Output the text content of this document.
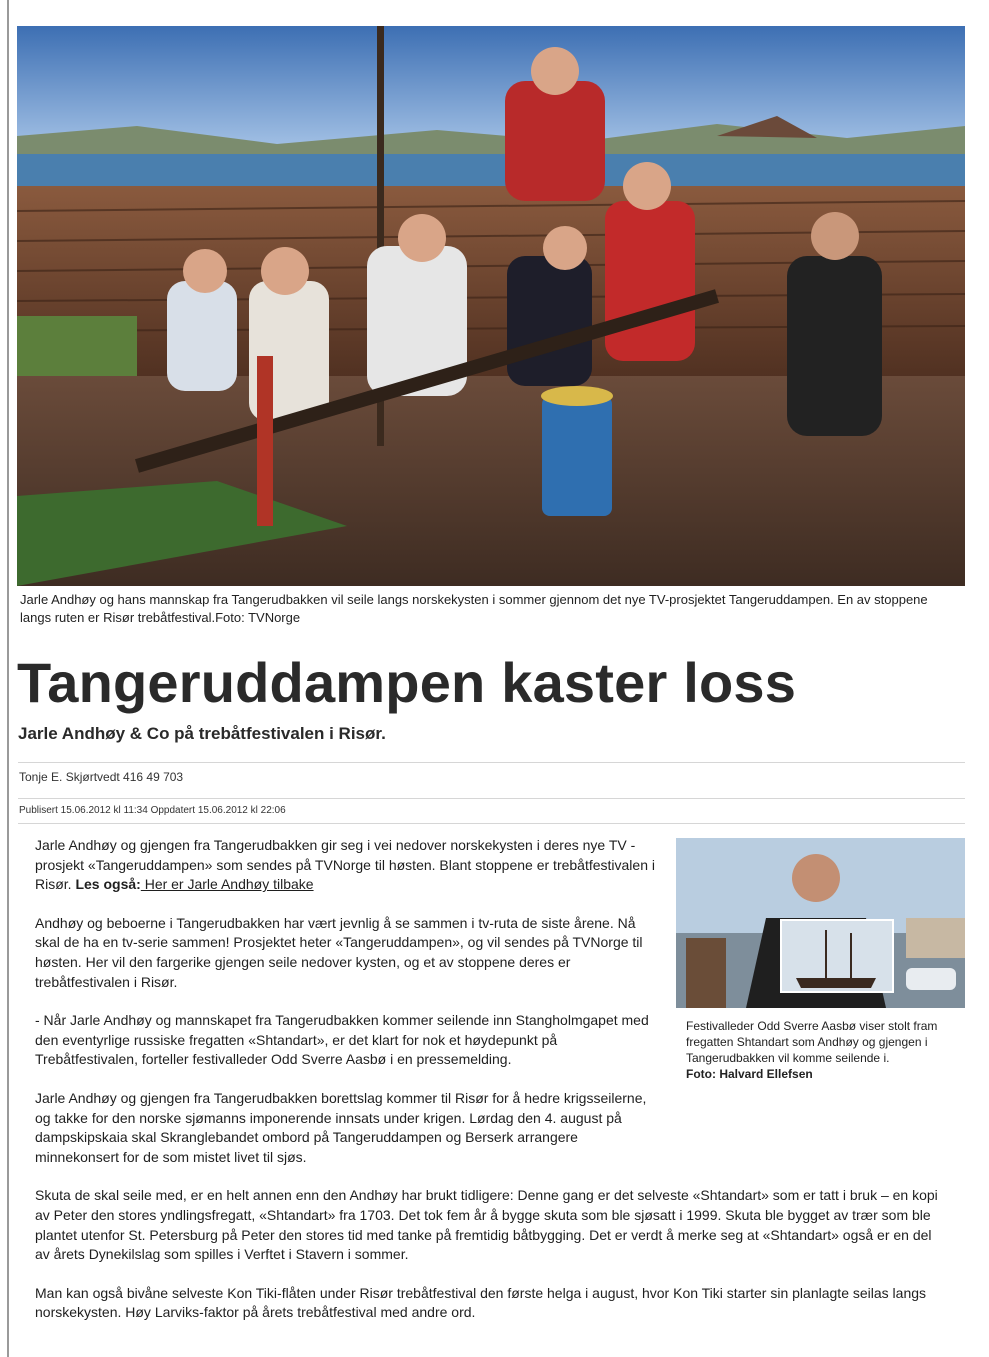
Jarle Andhøy og hans mannskap fra Tangerudbakken vil seile langs norskekysten i sommer gjennom det nye TV-prosjektet Tangeruddampen. En av stoppene langs ruten er Risør trebåtfestival.Foto: TVNorge
Tangeruddampen kaster loss
Jarle Andhøy & Co på trebåtfestivalen i Risør.
Tonje E. Skjørtvedt 416 49 703
Publisert 15.06.2012 kl 11:34 Oppdatert 15.06.2012 kl 22:06

Jarle Andhøy og gjengen fra Tangerudbakken gir seg i vei nedover norskekysten i deres nye TV -prosjekt «Tangeruddampen» som sendes på TVNorge til høsten. Blant stoppene er trebåtfestivalen i Risør. Les også: Her er Jarle Andhøy tilbake

Andhøy og beboerne i Tangerudbakken har vært jevnlig å se sammen i tv-ruta de siste årene. Nå skal de ha en tv-serie sammen! Prosjektet heter «Tangeruddampen», og vil sendes på TVNorge til høsten. Her vil den fargerike gjengen seile nedover kysten, og et av stoppene deres er trebåtfestivalen i Risør.

- Når Jarle Andhøy og mannskapet fra Tangerudbakken kommer seilende inn Stangholmgapet med den eventyrlige russiske fregatten «Shtandart», er det klart for nok et høydepunkt på Trebåtfestivalen, forteller festivalleder Odd Sverre Aasbø i en pressemelding.

Jarle Andhøy og gjengen fra Tangerudbakken borettslag kommer til Risør for å hedre krigsseilerne, og takke for den norske sjømanns imponerende innsats under krigen. Lørdag den 4. august på dampskipskaia skal Skranglebandet ombord på Tangeruddampen og Berserk arrangere minnekonsert for de som mistet livet til sjøs.

Skuta de skal seile med, er en helt annen enn den Andhøy har brukt tidligere: Denne gang er det selveste «Shtandart» som er tatt i bruk – en kopi av Peter den stores yndlingsfregatt, «Shtandart» fra 1703. Det tok fem år å bygge skuta som ble sjøsatt i 1999. Skuta ble bygget av trær som ble plantet utenfor St. Petersburg på Peter den stores tid med tanke på fremtidig båtbygging. Det er verdt å merke seg at «Shtandart» også er en del av årets Dynekilslag som spilles i Verftet i Stavern i sommer.

Man kan også bivåne selveste Kon Tiki-flåten under Risør trebåtfestival den første helga i august, hvor Kon Tiki starter sin planlagte seilas langs norskekysten. Høy Larviks-faktor på årets trebåtfestival med andre ord.

Festivalleder Odd Sverre Aasbø viser stolt fram fregatten Shtandart som Andhøy og gjengen i Tangerudbakken vil komme seilende i.
Foto: Halvard Ellefsen
